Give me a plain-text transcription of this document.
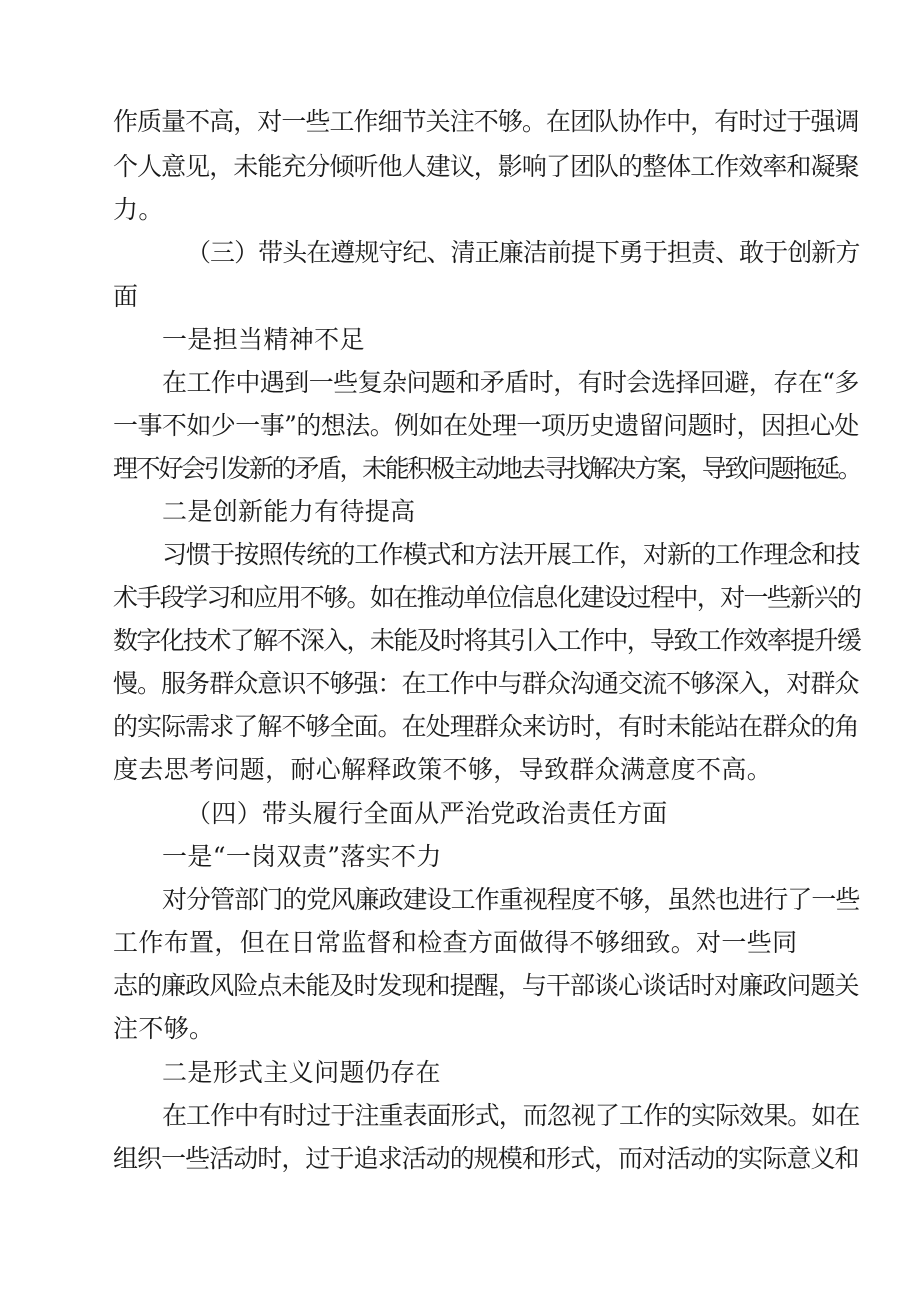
作质量不高，对一些工作细节关注不够。在团队协作中，有时过于强调
个人意见，未能充分倾听他人建议，影响了团队的整体工作效率和凝聚
力。
（三）带头在遵规守纪、清正廉洁前提下勇于担责、敢于创新方
面
一是担当精神不足
在工作中遇到一些复杂问题和矛盾时，有时会选择回避，存在“多
一事不如少一事”的想法。例如在处理一项历史遗留问题时，因担心处
理不好会引发新的矛盾，未能积极主动地去寻找解决方案，导致问题拖延。
二是创新能力有待提高
习惯于按照传统的工作模式和方法开展工作，对新的工作理念和技
术手段学习和应用不够。如在推动单位信息化建设过程中，对一些新兴的
数字化技术了解不深入，未能及时将其引入工作中，导致工作效率提升缓
慢。服务群众意识不够强：在工作中与群众沟通交流不够深入，对群众
的实际需求了解不够全面。在处理群众来访时，有时未能站在群众的角
度去思考问题，耐心解释政策不够，导致群众满意度不高。
（四）带头履行全面从严治党政治责任方面
一是“一岗双责”落实不力
对分管部门的党风廉政建设工作重视程度不够，虽然也进行了一些
工作布置，但在日常监督和检查方面做得不够细致。对一些同
志的廉政风险点未能及时发现和提醒，与干部谈心谈话时对廉政问题关
注不够。
二是形式主义问题仍存在
在工作中有时过于注重表面形式，而忽视了工作的实际效果。如在
组织一些活动时，过于追求活动的规模和形式，而对活动的实际意义和
